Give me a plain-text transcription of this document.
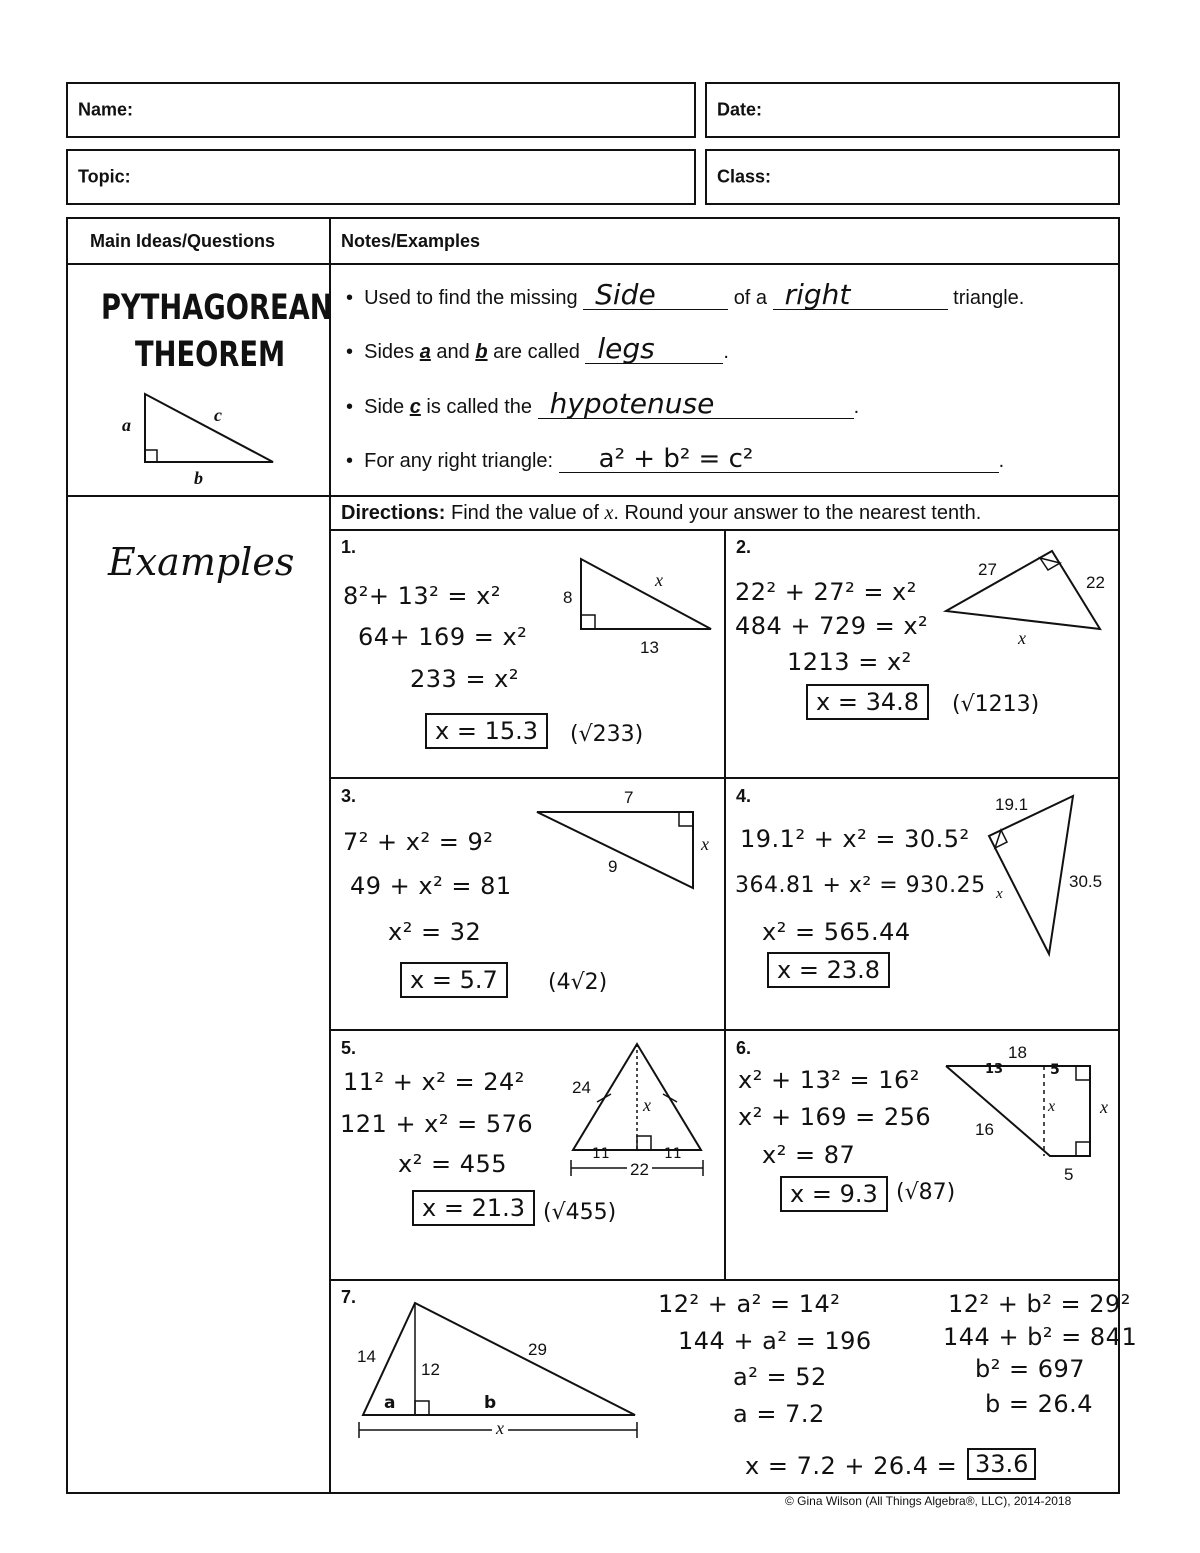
Name:	Date:
Topic:	Class:
Main Ideas/Questions	Notes/Examples
PYTHAGOREAN
THEOREM
a	c
b
•  Used to find the missing Side	of a right	triangle.
•  Sides a and b are called legs	.
•  Side c is called the hypotenuse	.
•  For any right triangle: a² + b² = c²	.
Examples
Directions: Find the value of x. Round your answer to the nearest tenth.
1.
8²+ 13² = x²
64+ 169 = x²
233 = x²
x = 15.3	(√233)
8
x
13
2.
22² + 27² = x²
484 + 729 = x²
1213 = x²
x = 34.8	(√1213)
27
22
x
3.
7² + x² = 9²
49 + x² = 81
x² = 32
x = 5.7	(4√2)
7
9
x
4.
19.1² + x² = 30.5²
364.81 + x² = 930.25
x² = 565.44
x = 23.8
19.1
30.5
x
5.
11² + x² = 24²
121 + x² = 576
x² = 455
x = 21.3 (√455)
24
x
22
11	11
6.
x² + 13² = 16²
x² + 169 = 256
x² = 87
x = 9.3 (√87)
18
13	5
16
x x
5
7.
14
12
29
a	b
x
12² + a² = 14²
144 + a² = 196
a² = 52
a = 7.2
12² + b² = 29²
144 + b² = 841
b² = 697
b = 26.4
x = 7.2 + 26.4 = 33.6
© Gina Wilson (All Things Algebra®, LLC), 2014-2018
